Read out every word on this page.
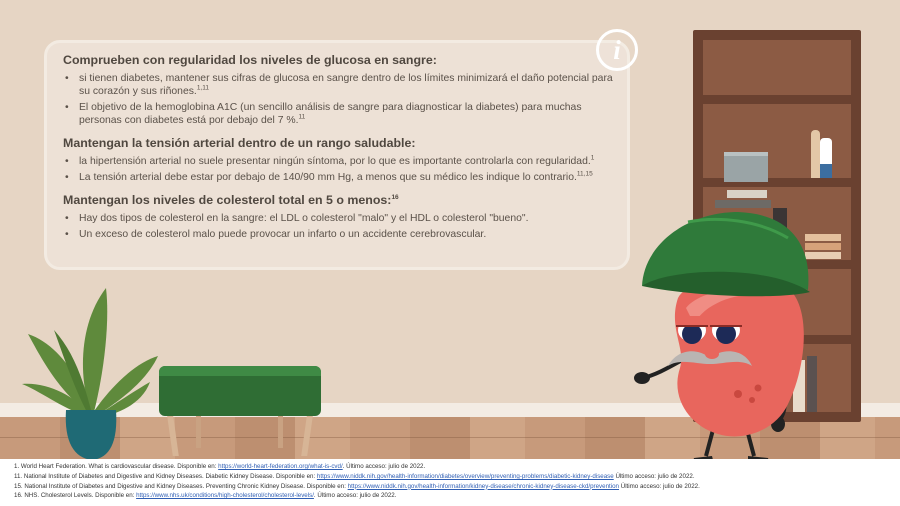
Comprueben con regularidad los niveles de glucosa en sangre:
• si tienen diabetes, mantener sus cifras de glucosa en sangre dentro de los límites minimizará el daño potencial para su corazón y sus riñones.$^{1,11}$
• El objetivo de la hemoglobina A1C (un sencillo análisis de sangre para diagnosticar la diabetes) para muchas personas con diabetes está por debajo del 7 %.$^{11}$
Mantengan la tensión arterial dentro de un rango saludable:
• la hipertensión arterial no suele presentar ningún síntoma, por lo que es importante controlarla con regularidad.$^1$
• La tensión arterial debe estar por debajo de 140/90 mm Hg, a menos que su médico les indique lo contrario.$^{11,15}$
Mantengan los niveles de colesterol total en 5 o menos:$^{16}$
• Hay dos tipos de colesterol en la sangre: el LDL o colesterol "malo" y el HDL o colesterol "bueno".
• Un exceso de colesterol malo puede provocar un infarto o un accidente cerebrovascular.
i
1. World Heart Federation. What is cardiovascular disease. Disponible en: https://world-heart-federation.org/what-is-cvd/. Último acceso: julio de 2022.
11. National Institute of Diabetes and Digestive and Kidney Diseases. Diabetic Kidney Disease. Disponible en: https://www.niddk.nih.gov/health-information/diabetes/overview/preventing-problems/diabetic-kidney-disease Último acceso: julio de 2022.
15. National Institute of Diabetes and Digestive and Kidney Diseases. Preventing Chronic Kidney Disease. Disponible en: https://www.niddk.nih.gov/health-information/kidney-disease/chronic-kidney-disease-ckd/prevention Último acceso: julio de 2022.
16. NHS. Cholesterol Levels. Disponible en: https://www.nhs.uk/conditions/high-cholesterol/cholesterol-levels/. Último acceso: julio de 2022.
